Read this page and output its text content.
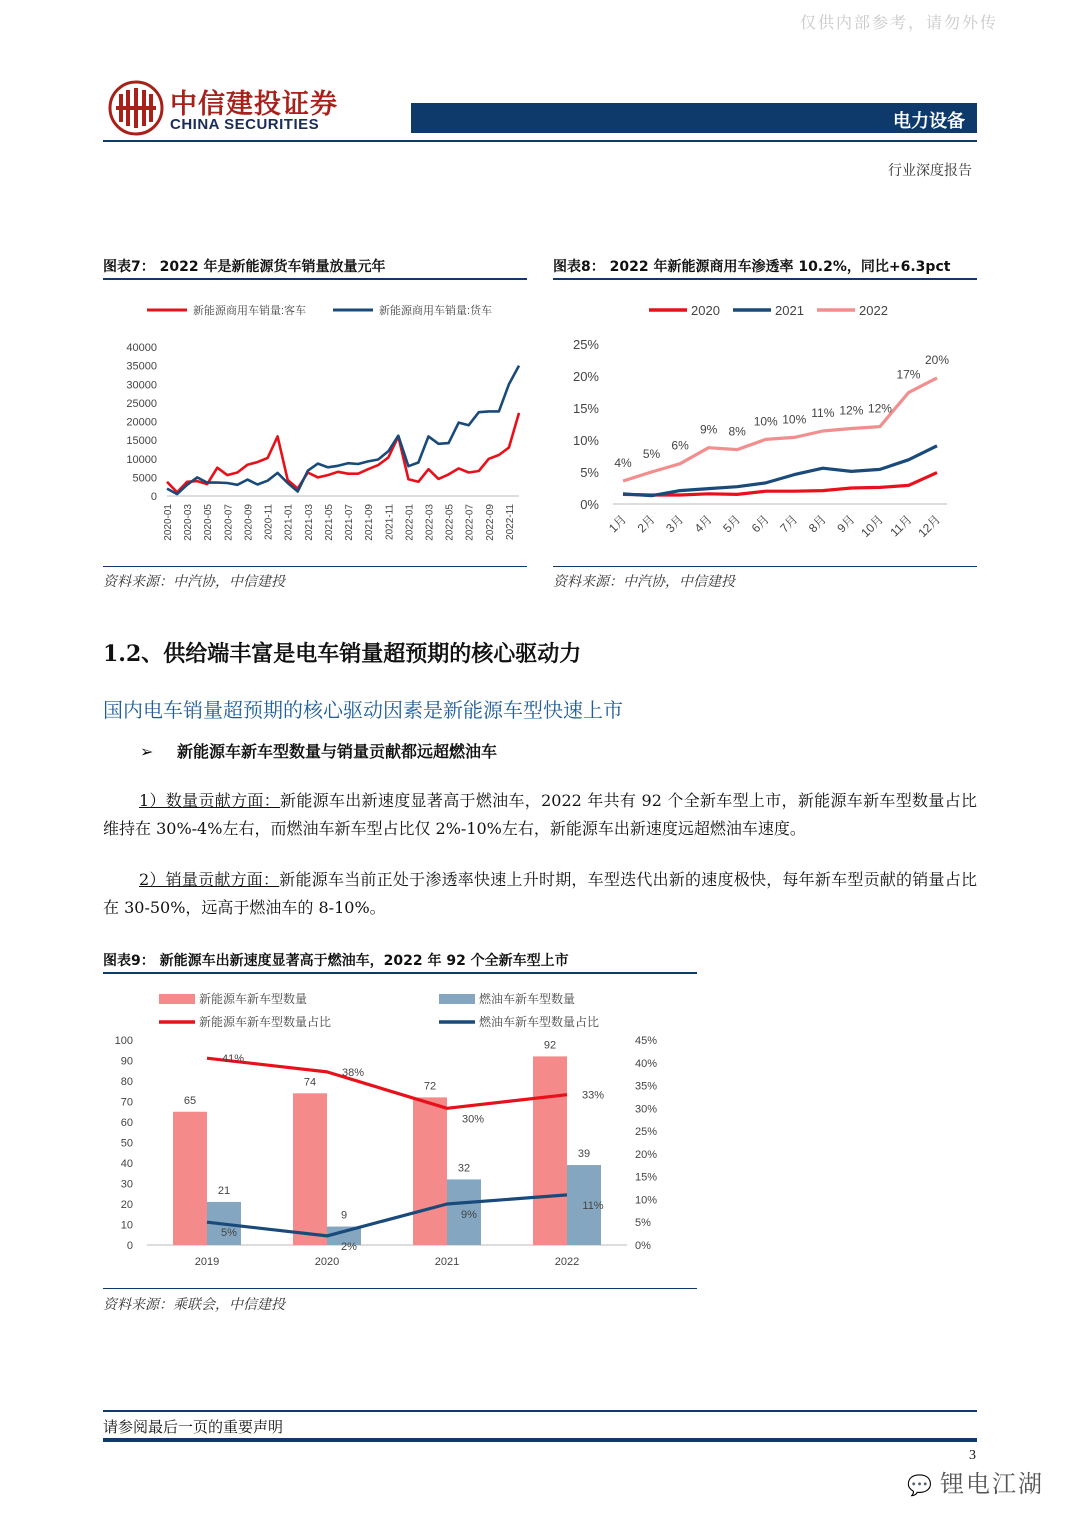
仅供内部参考，请勿外传
中信建投证券
CHINA SECURITIES	电力设备
行业深度报告
图表7： 2022 年是新能源货车销量放量元年
新能源商用车销量:客车	新能源商用车销量:货车
40000
35000
30000
25000
20000
15000
10000
5000
0
2020-01 2020-03 2020-05 2020-07 2020-09 2020-11 2021-01 2021-03 2021-05 2021-07 2021-09 2021-11 2022-01 2022-03 2022-05 2022-07 2022-09 2022-11
资料来源：中汽协，中信建投
图表8： 2022 年新能源商用车渗透率 10.2%，同比+6.3pct
2020	2021	2022
25%
20%
15%
10%
5%
0%
1月 2月 3月 4月 5月 6月 7月 8月 9月 10月 11月 12月
4%
5%
6%
9% 8%
10% 10% 11% 12% 12%
17%
20%
资料来源：中汽协，中信建投
1.2、供给端丰富是电车销量超预期的核心驱动力
国内电车销量超预期的核心驱动因素是新能源车型快速上市
➢ 新能源车新车型数量与销量贡献都远超燃油车
1）数量贡献方面：新能源车出新速度显著高于燃油车，2022 年共有 92 个全新车型上市，新能源车新车型数量占比维持在 30%-4%左右，而燃油车新车型占比仅 2%-10%左右，新能源车出新速度远超燃油车速度。
2）销量贡献方面：新能源车当前正处于渗透率快速上升时期，车型迭代出新的速度极快，每年新车型贡献的销量占比在 30-50%，远高于燃油车的 8-10%。
图表9： 新能源车出新速度显著高于燃油车，2022 年 92 个全新车型上市
新能源车新车型数量	燃油车新车型数量
新能源车新车型数量占比	燃油车新车型数量占比
100
90
80
70
60
50
40
30
20
10
0
45%
40%
35%
30%
25%
20%
15%
10%
5%
0%
2019
65
21
2020
74
9
2021
72
32
2022
92
39
41%
38%
30%
33%
5%
2%
9%
11%
资料来源：乘联会，中信建投
请参阅最后一页的重要声明
3
💬 锂电江湖
